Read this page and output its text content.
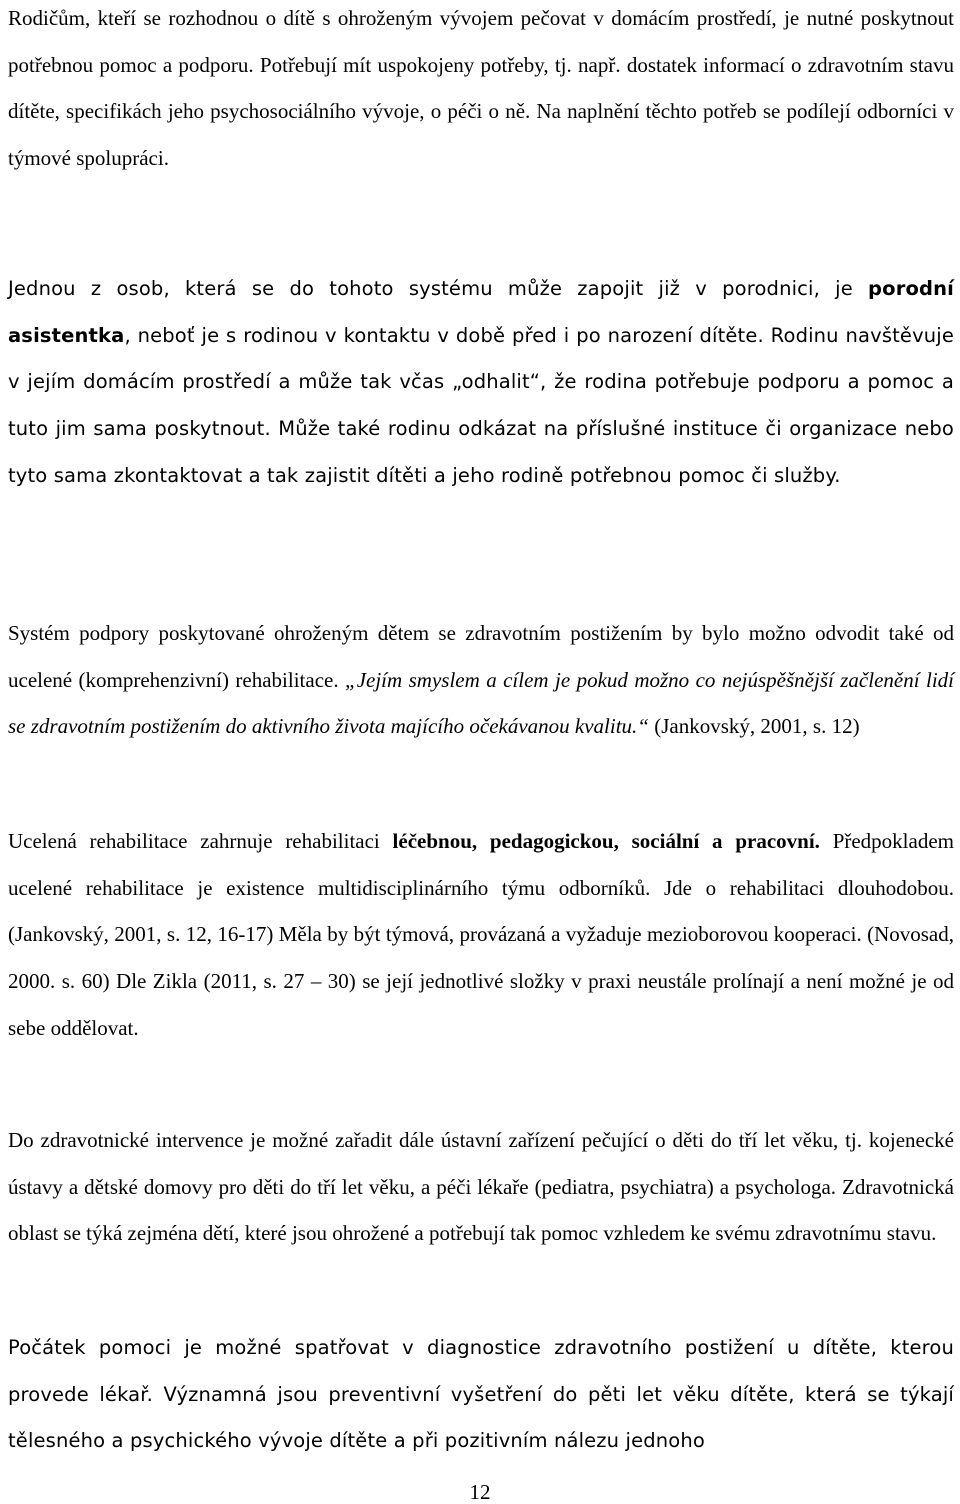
Rodičům, kteří se rozhodnou o dítě s ohroženým vývojem pečovat v domácím prostředí, je nutné poskytnout potřebnou pomoc a podporu. Potřebují mít uspokojeny potřeby, tj. např. dostatek informací o zdravotním stavu dítěte, specifikách jeho psychosociálního vývoje, o péči o ně. Na naplnění těchto potřeb se podílejí odborníci v týmové spolupráci.

Jednou z osob, která se do tohoto systému může zapojit již v porodnici, je porodní asistentka, neboť je s rodinou v kontaktu v době před i po narození dítěte. Rodinu navštěvuje v jejím domácím prostředí a může tak včas „odhalit“, že rodina potřebuje podporu a pomoc a tuto jim sama poskytnout. Může také rodinu odkázat na příslušné instituce či organizace nebo tyto sama zkontaktovat a tak zajistit dítěti a jeho rodině potřebnou pomoc či služby.

Systém podpory poskytované ohroženým dětem se zdravotním postižením by bylo možno odvodit také od ucelené (komprehenzivní) rehabilitace. „Jejím smyslem a cílem je pokud možno co nejúspěšnější začlenění lidí se zdravotním postižením do aktivního života majícího očekávanou kvalitu.“ (Jankovský, 2001, s. 12)

Ucelená rehabilitace zahrnuje rehabilitaci léčebnou, pedagogickou, sociální a pracovní. Předpokladem ucelené rehabilitace je existence multidisciplinárního týmu odborníků. Jde o rehabilitaci dlouhodobou. (Jankovský, 2001, s. 12, 16-17) Měla by být týmová, provázaná a vyžaduje mezioborovou kooperaci. (Novosad, 2000. s. 60) Dle Zikla (2011, s. 27 – 30) se její jednotlivé složky v praxi neustále prolínají a není možné je od sebe oddělovat.

Do zdravotnické intervence je možné zařadit dále ústavní zařízení pečující o děti do tří let věku, tj. kojenecké ústavy a dětské domovy pro děti do tří let věku, a péči lékaře (pediatra, psychiatra) a psychologa. Zdravotnická oblast se týká zejména dětí, které jsou ohrožené a potřebují tak pomoc vzhledem ke svému zdravotnímu stavu.

Počátek pomoci je možné spatřovat v diagnostice zdravotního postižení u dítěte, kterou provede lékař. Významná jsou preventivní vyšetření do pěti let věku dítěte, která se týkají tělesného a psychického vývoje dítěte a při pozitivním nálezu jednoho

12
